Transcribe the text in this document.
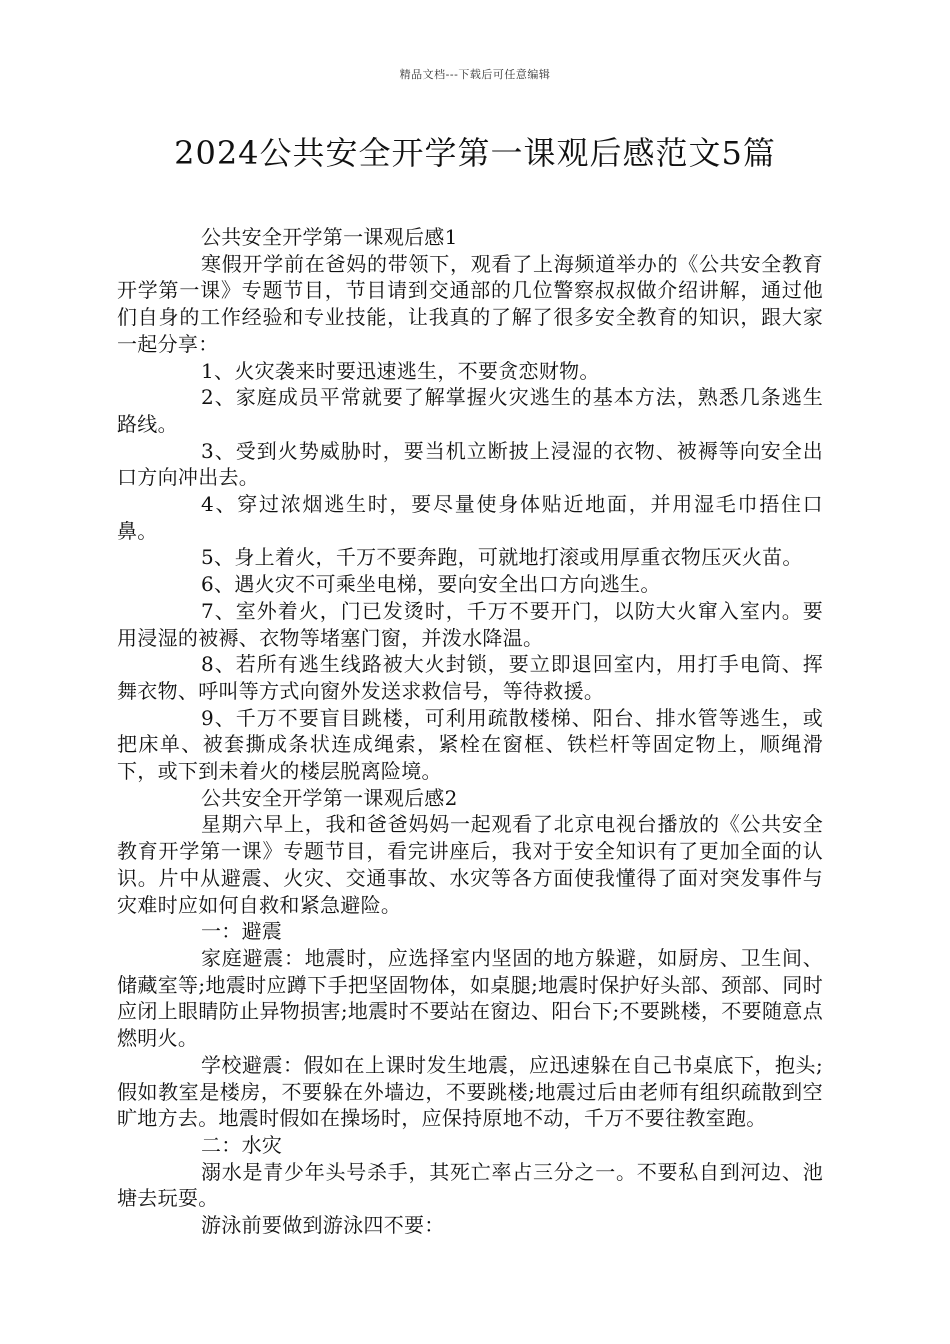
精品文档---下载后可任意编辑
2024公共安全开学第一课观后感范文5篇

公共安全开学第一课观后感1

寒假开学前在爸妈的带领下，观看了上海频道举办的《公共安全教育开学第一课》专题节目，节目请到交通部的几位警察叔叔做介绍讲解，通过他们自身的工作经验和专业技能，让我真的了解了很多安全教育的知识，跟大家一起分享：

1、火灾袭来时要迅速逃生，不要贪恋财物。

2、家庭成员平常就要了解掌握火灾逃生的基本方法，熟悉几条逃生路线。

3、受到火势威胁时，要当机立断披上浸湿的衣物、被褥等向安全出口方向冲出去。

4、穿过浓烟逃生时，要尽量使身体贴近地面，并用湿毛巾捂住口鼻。

5、身上着火，千万不要奔跑，可就地打滚或用厚重衣物压灭火苗。

6、遇火灾不可乘坐电梯，要向安全出口方向逃生。

7、室外着火，门已发烫时，千万不要开门，以防大火窜入室内。要用浸湿的被褥、衣物等堵塞门窗，并泼水降温。

8、若所有逃生线路被大火封锁，要立即退回室内，用打手电筒、挥舞衣物、呼叫等方式向窗外发送求救信号，等待救援。

9、千万不要盲目跳楼，可利用疏散楼梯、阳台、排水管等逃生，或把床单、被套撕成条状连成绳索，紧栓在窗框、铁栏杆等固定物上，顺绳滑下，或下到未着火的楼层脱离险境。

公共安全开学第一课观后感2

星期六早上，我和爸爸妈妈一起观看了北京电视台播放的《公共安全教育开学第一课》专题节目，看完讲座后，我对于安全知识有了更加全面的认识。片中从避震、火灾、交通事故、水灾等各方面使我懂得了面对突发事件与灾难时应如何自救和紧急避险。

一：避震

家庭避震：地震时，应选择室内坚固的地方躲避，如厨房、卫生间、储藏室等;地震时应蹲下手把坚固物体，如桌腿;地震时保护好头部、颈部、同时应闭上眼睛防止异物损害;地震时不要站在窗边、阳台下;不要跳楼，不要随意点燃明火。

学校避震：假如在上课时发生地震，应迅速躲在自己书桌底下，抱头;假如教室是楼房，不要躲在外墙边，不要跳楼;地震过后由老师有组织疏散到空旷地方去。地震时假如在操场时，应保持原地不动，千万不要往教室跑。

二：水灾

溺水是青少年头号杀手，其死亡率占三分之一。不要私自到河边、池塘去玩耍。

游泳前要做到游泳四不要：
